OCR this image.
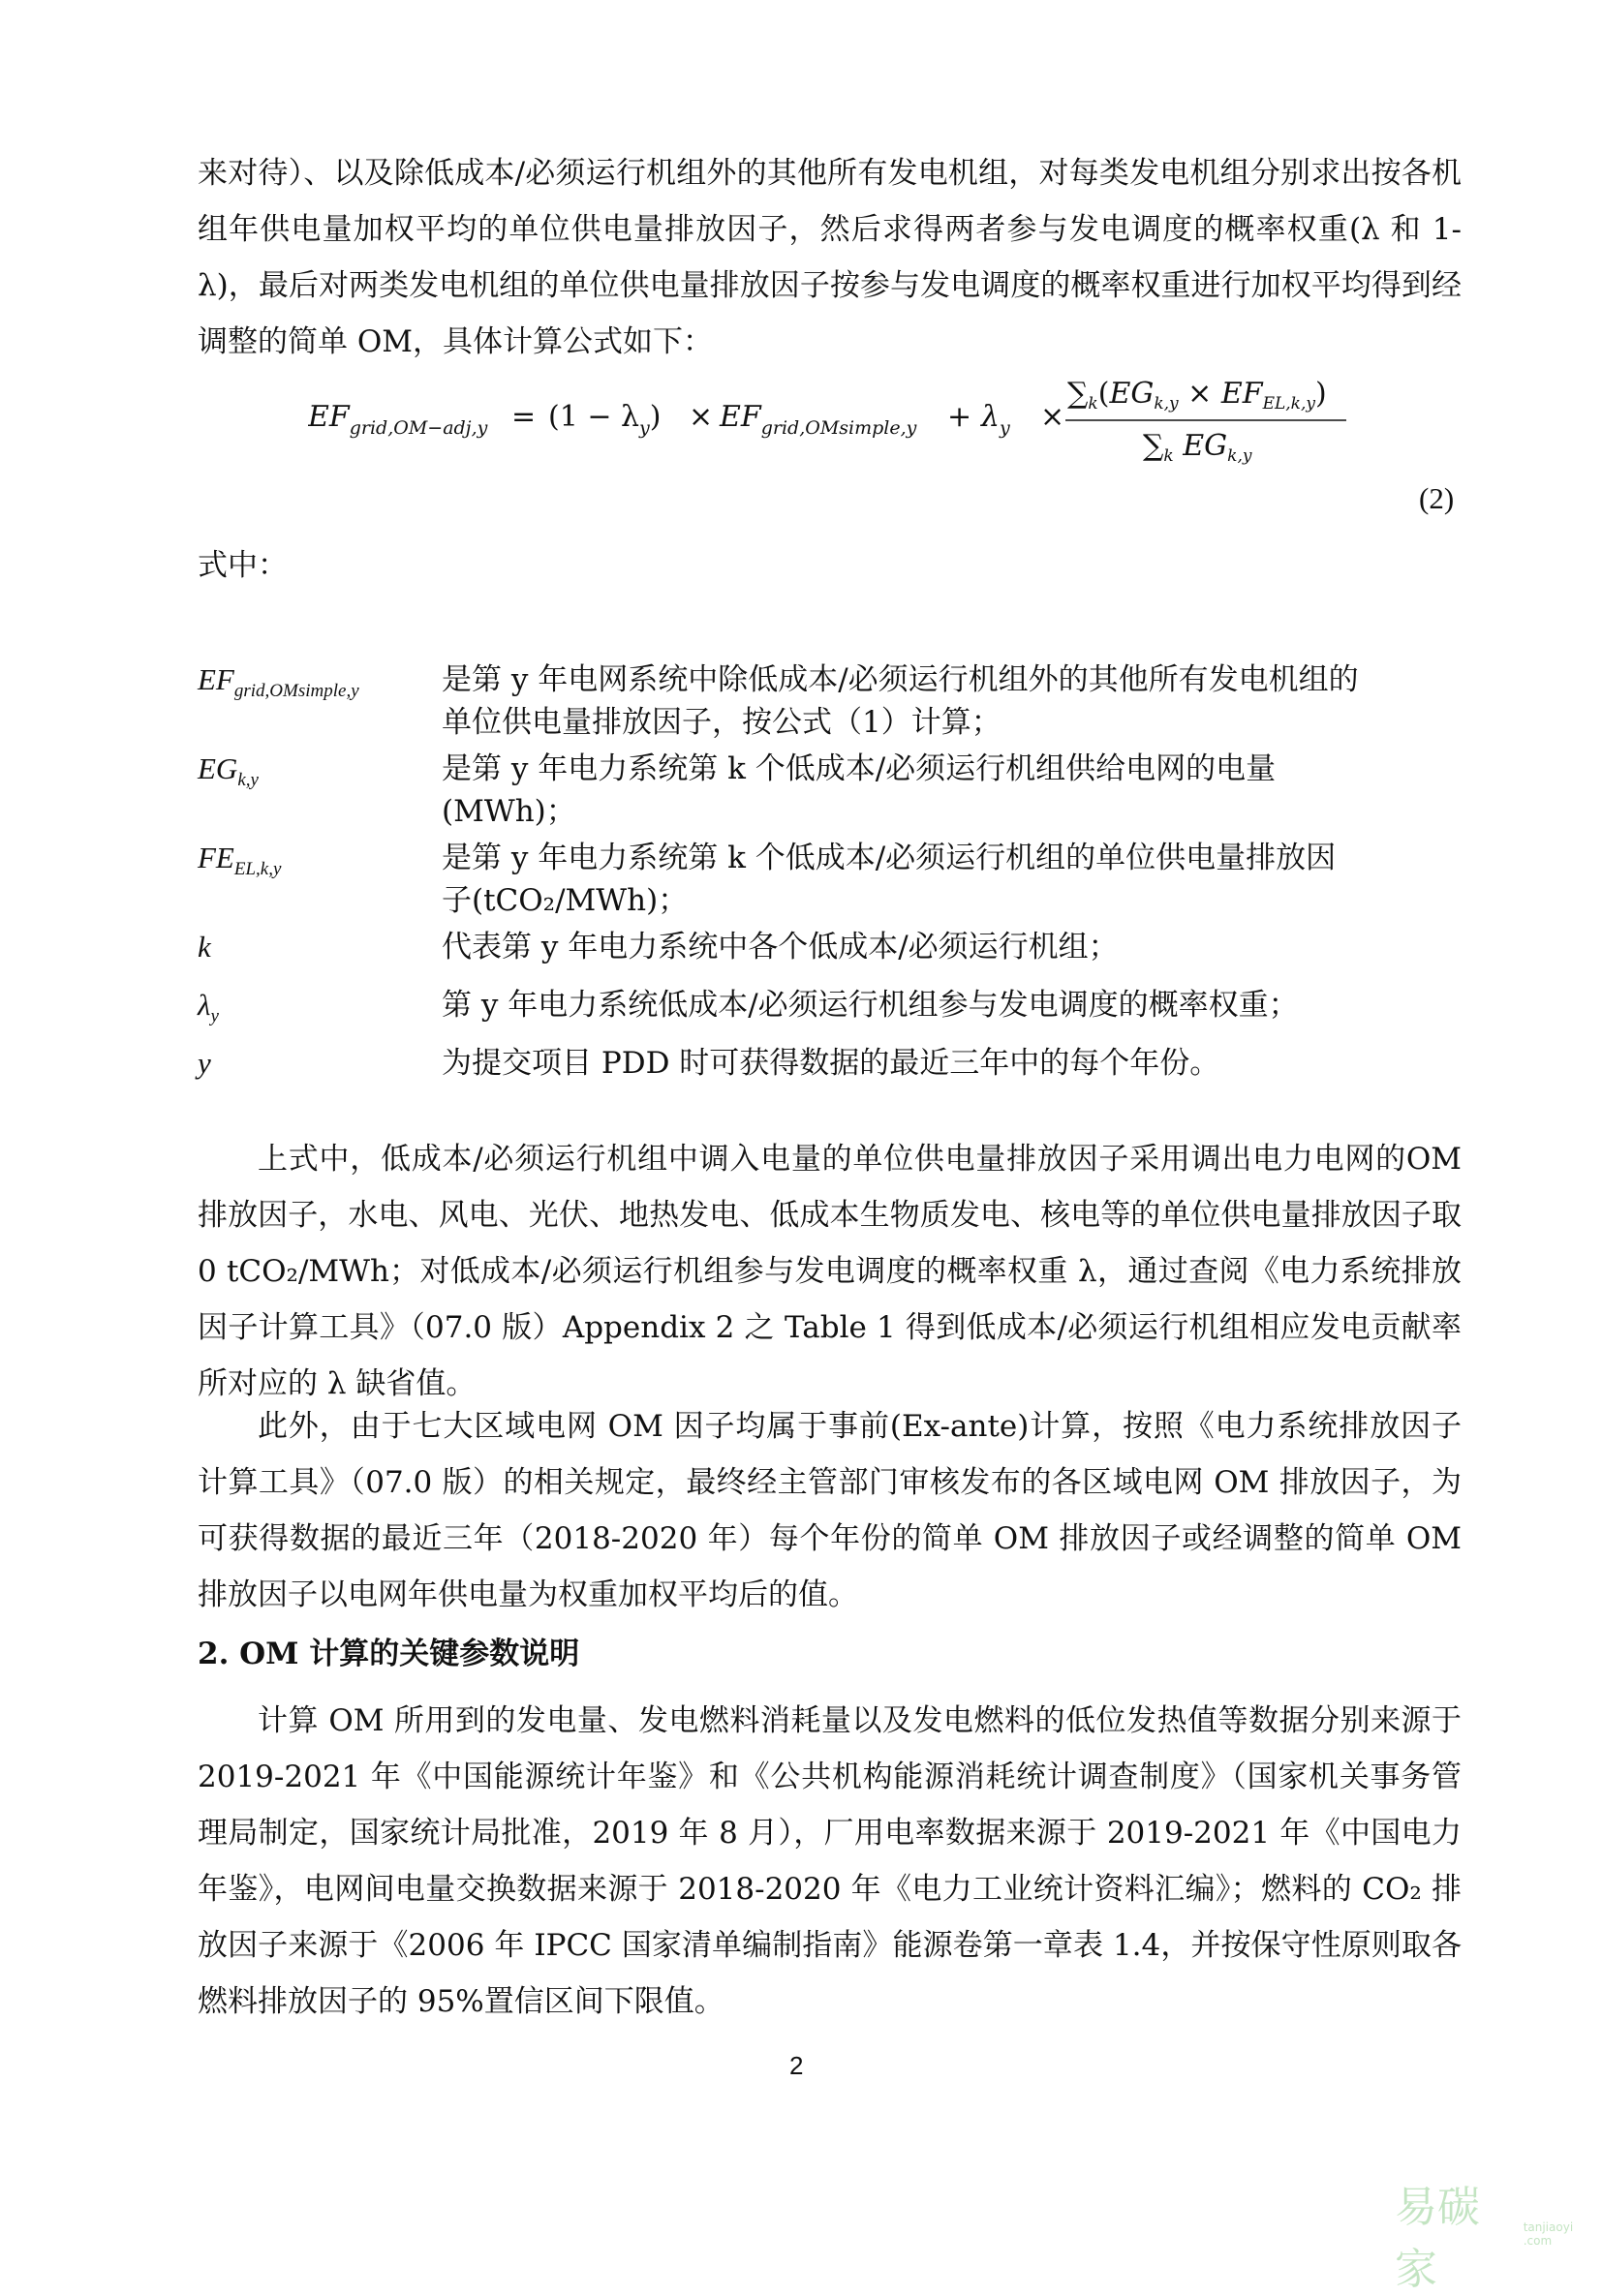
来对待）、以及除低成本/必须运行机组外的其他所有发电机组，对每类发电机组分别求出按各机组年供电量加权平均的单位供电量排放因子，然后求得两者参与发电调度的概率权重(λ 和 1-λ)，最后对两类发电机组的单位供电量排放因子按参与发电调度的概率权重进行加权平均得到经调整的简单 OM，具体计算公式如下：

$EF_{grid,OM-adj,y} = (1 - \lambda_y) \times EF_{grid,OMsimple,y} + \lambda_y$ ×
$\sum_k(EG_{k,y} \times EF_{EL,k,y})$
$\sum_k$ $EG_{k,y}$
(2)
式中：
$EF_{grid,OMsimple,y}$	是第 y 年电网系统中除低成本/必须运行机组外的其他所有发电机组的单位供电量排放因子，按公式（1）计算；
$EG_{k,y}$	是第 y 年电力系统第 k 个低成本/必须运行机组供给电网的电量(MWh)；
$FE_{EL,k,y}$	是第 y 年电力系统第 k 个低成本/必须运行机组的单位供电量排放因子(tCO₂/MWh)；
k	代表第 y 年电力系统中各个低成本/必须运行机组；
$\lambda_y$	第 y 年电力系统低成本/必须运行机组参与发电调度的概率权重；
y	为提交项目 PDD 时可获得数据的最近三年中的每个年份。

上式中，低成本/必须运行机组中调入电量的单位供电量排放因子采用调出电力电网的OM 排放因子，水电、风电、光伏、地热发电、低成本生物质发电、核电等的单位供电量排放因子取 0 tCO₂/MWh；对低成本/必须运行机组参与发电调度的概率权重 λ，通过查阅《电力系统排放因子计算工具》（07.0 版）Appendix 2 之 Table 1 得到低成本/必须运行机组相应发电贡献率所对应的 λ 缺省值。

此外，由于七大区域电网 OM 因子均属于事前(Ex-ante)计算，按照《电力系统排放因子计算工具》（07.0 版）的相关规定，最终经主管部门审核发布的各区域电网 OM 排放因子，为可获得数据的最近三年（2018-2020 年）每个年份的简单 OM 排放因子或经调整的简单 OM 排放因子以电网年供电量为权重加权平均后的值。

2. OM 计算的关键参数说明

计算 OM 所用到的发电量、发电燃料消耗量以及发电燃料的低位发热值等数据分别来源于 2019-2021 年《中国能源统计年鉴》和《公共机构能源消耗统计调查制度》（国家机关事务管理局制定，国家统计局批准，2019 年 8 月），厂用电率数据来源于 2019-2021 年《中国电力年鉴》，电网间电量交换数据来源于 2018-2020 年《电力工业统计资料汇编》；燃料的 CO₂ 排放因子来源于《2006 年 IPCC 国家清单编制指南》能源卷第一章表 1.4，并按保守性原则取各燃料排放因子的 95%置信区间下限值。

2
易碳家
tanjiaoyi .com
